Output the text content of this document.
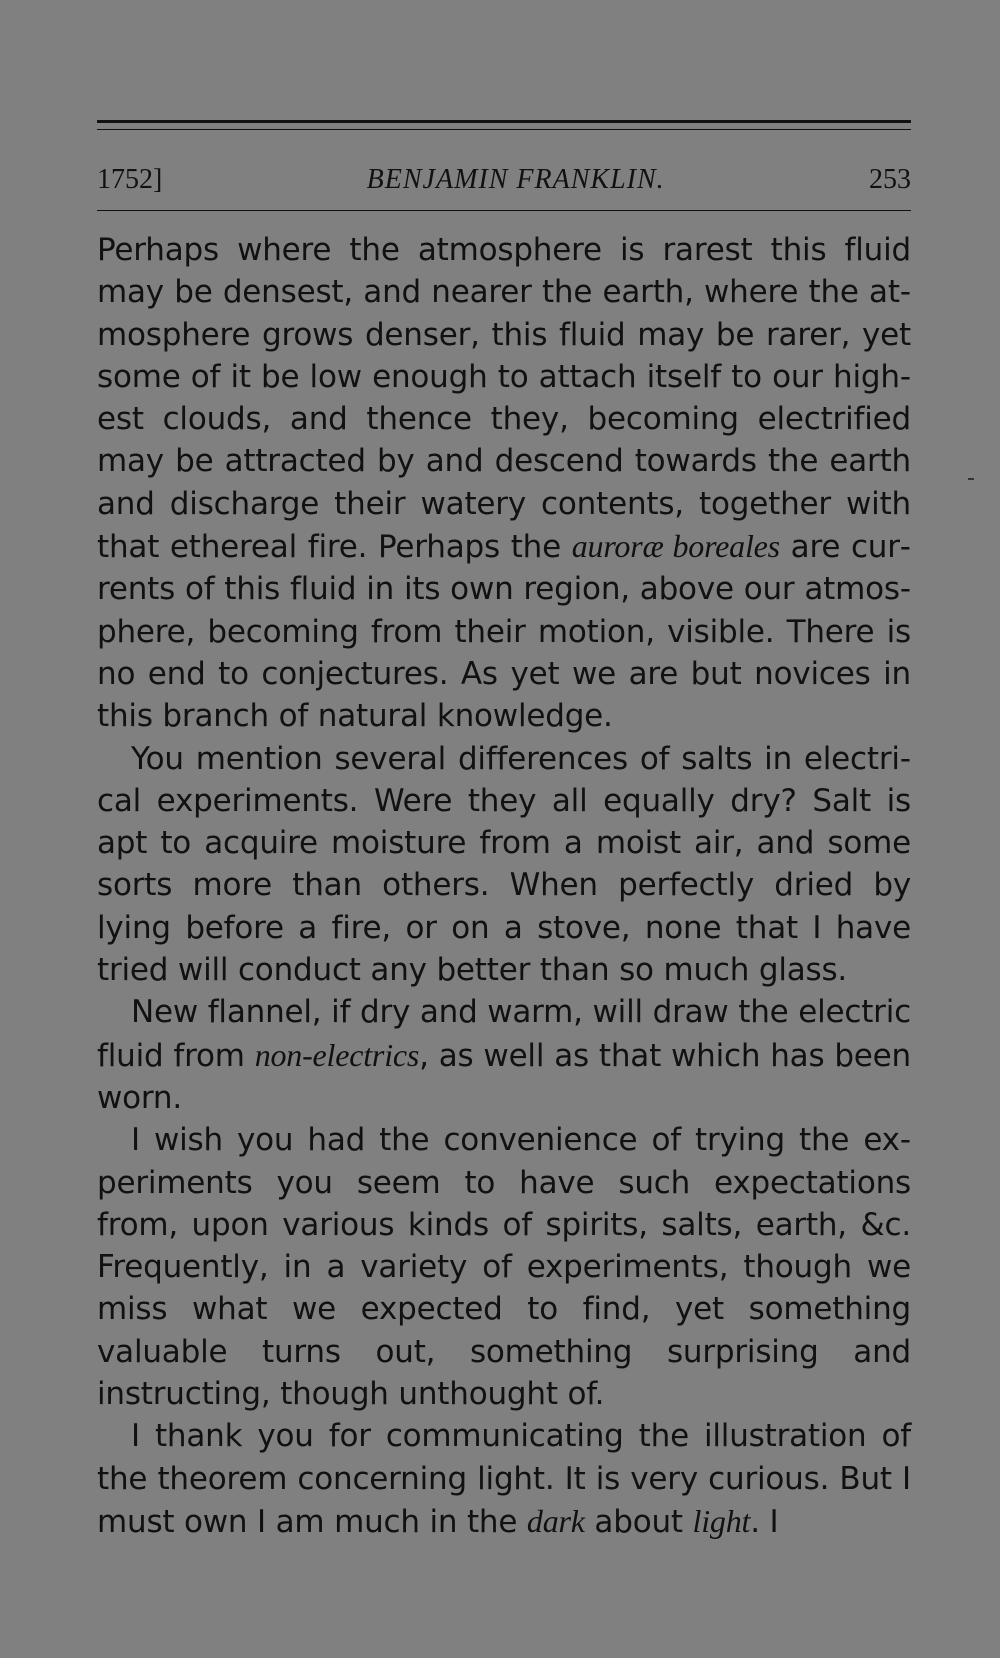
1752]	BENJAMIN FRANKLIN.	253

Perhaps where the atmosphere is rarest this fluid may be densest, and nearer the earth, where the atmosphere grows denser, this fluid may be rarer, yet some of it be low enough to attach itself to our highest clouds, and thence they, becoming electrified may be attracted by and descend towards the earth and discharge their watery contents, together with that ethereal fire. Perhaps the auroræ boreales are currents of this fluid in its own region, above our atmosphere, becoming from their motion, visible. There is no end to conjectures. As yet we are but novices in this branch of natural knowledge.

You mention several differences of salts in electrical experiments. Were they all equally dry? Salt is apt to acquire moisture from a moist air, and some sorts more than others. When perfectly dried by lying before a fire, or on a stove, none that I have tried will conduct any better than so much glass.

New flannel, if dry and warm, will draw the electric fluid from non-electrics, as well as that which has been worn.

I wish you had the convenience of trying the experiments you seem to have such expectations from, upon various kinds of spirits, salts, earth, &c. Frequently, in a variety of experiments, though we miss what we expected to find, yet something valuable turns out, something surprising and instructing, though unthought of.

I thank you for communicating the illustration of the theorem concerning light. It is very curious. But I must own I am much in the dark about light. I
